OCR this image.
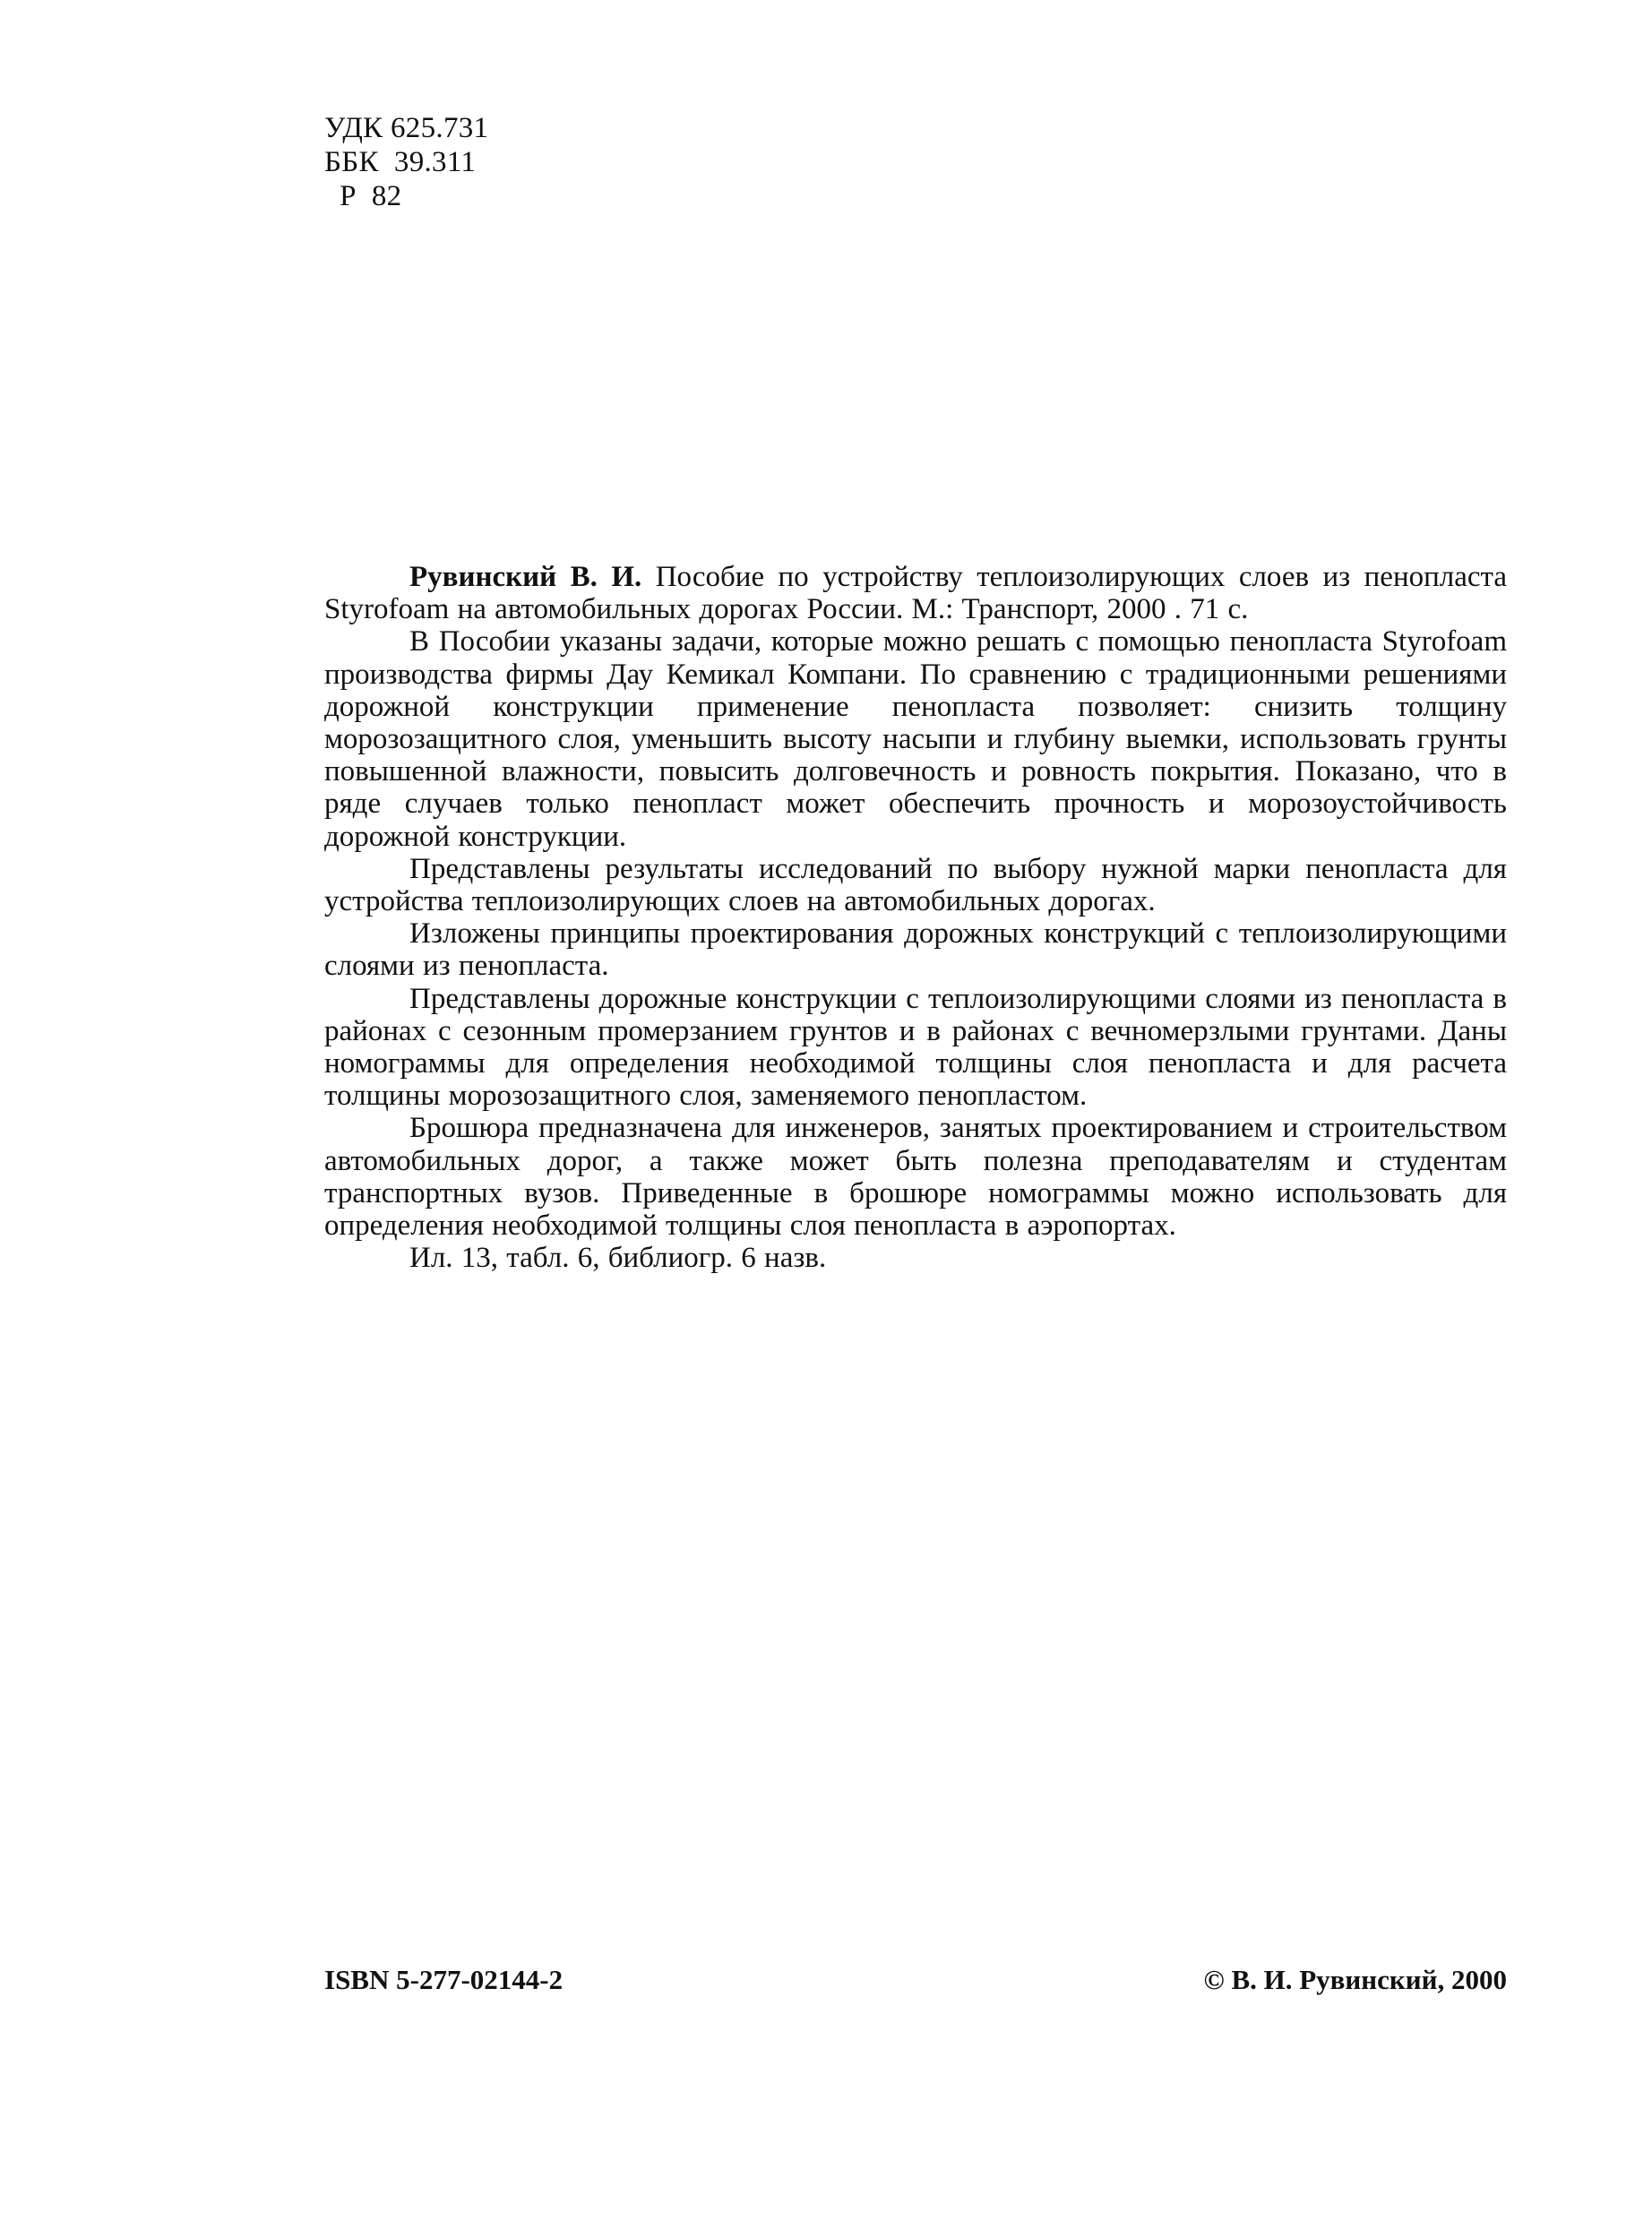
УДК 625.731
ББК  39.311
Р  82

Рувинский В. И. Пособие по устройству теплоизолирующих слоев из пенопласта Styrofoam на автомобильных дорогах России. М.: Транспорт, 2000 . 71 с.

В Пособии указаны задачи, которые можно решать с помощью пенопласта Styrofoam производства фирмы Дау Кемикал Компани. По сравнению с традиционными решениями дорожной конструкции применение пенопласта позволяет: снизить толщину морозозащитного слоя, уменьшить высоту насыпи и глубину выемки, использовать грунты повышенной влажности, повысить долговечность и ровность покрытия. Показано, что в ряде случаев только пенопласт может обеспечить прочность и морозоустойчивость дорожной конструкции.

Представлены результаты исследований по выбору нужной марки пенопласта для устройства теплоизолирующих слоев на автомобильных дорогах.

Изложены принципы проектирования дорожных конструкций с теплоизолирующими слоями из пенопласта.

Представлены дорожные конструкции с теплоизолирующими слоями из пенопласта в районах с сезонным промерзанием грунтов и в районах с вечномерзлыми грунтами. Даны номограммы для определения необходимой толщины слоя пенопласта и для расчета толщины морозозащитного слоя, заменяемого пенопластом.

Брошюра предназначена для инженеров, занятых проектированием и строительством автомобильных дорог, а также может быть полезна преподавателям и студентам транспортных вузов. Приведенные в брошюре номограммы можно использовать для определения необходимой толщины слоя пенопласта в аэропортах.

Ил. 13, табл. 6, библиогр. 6 назв.

ISBN 5-277-02144-2	© В. И. Рувинский, 2000
